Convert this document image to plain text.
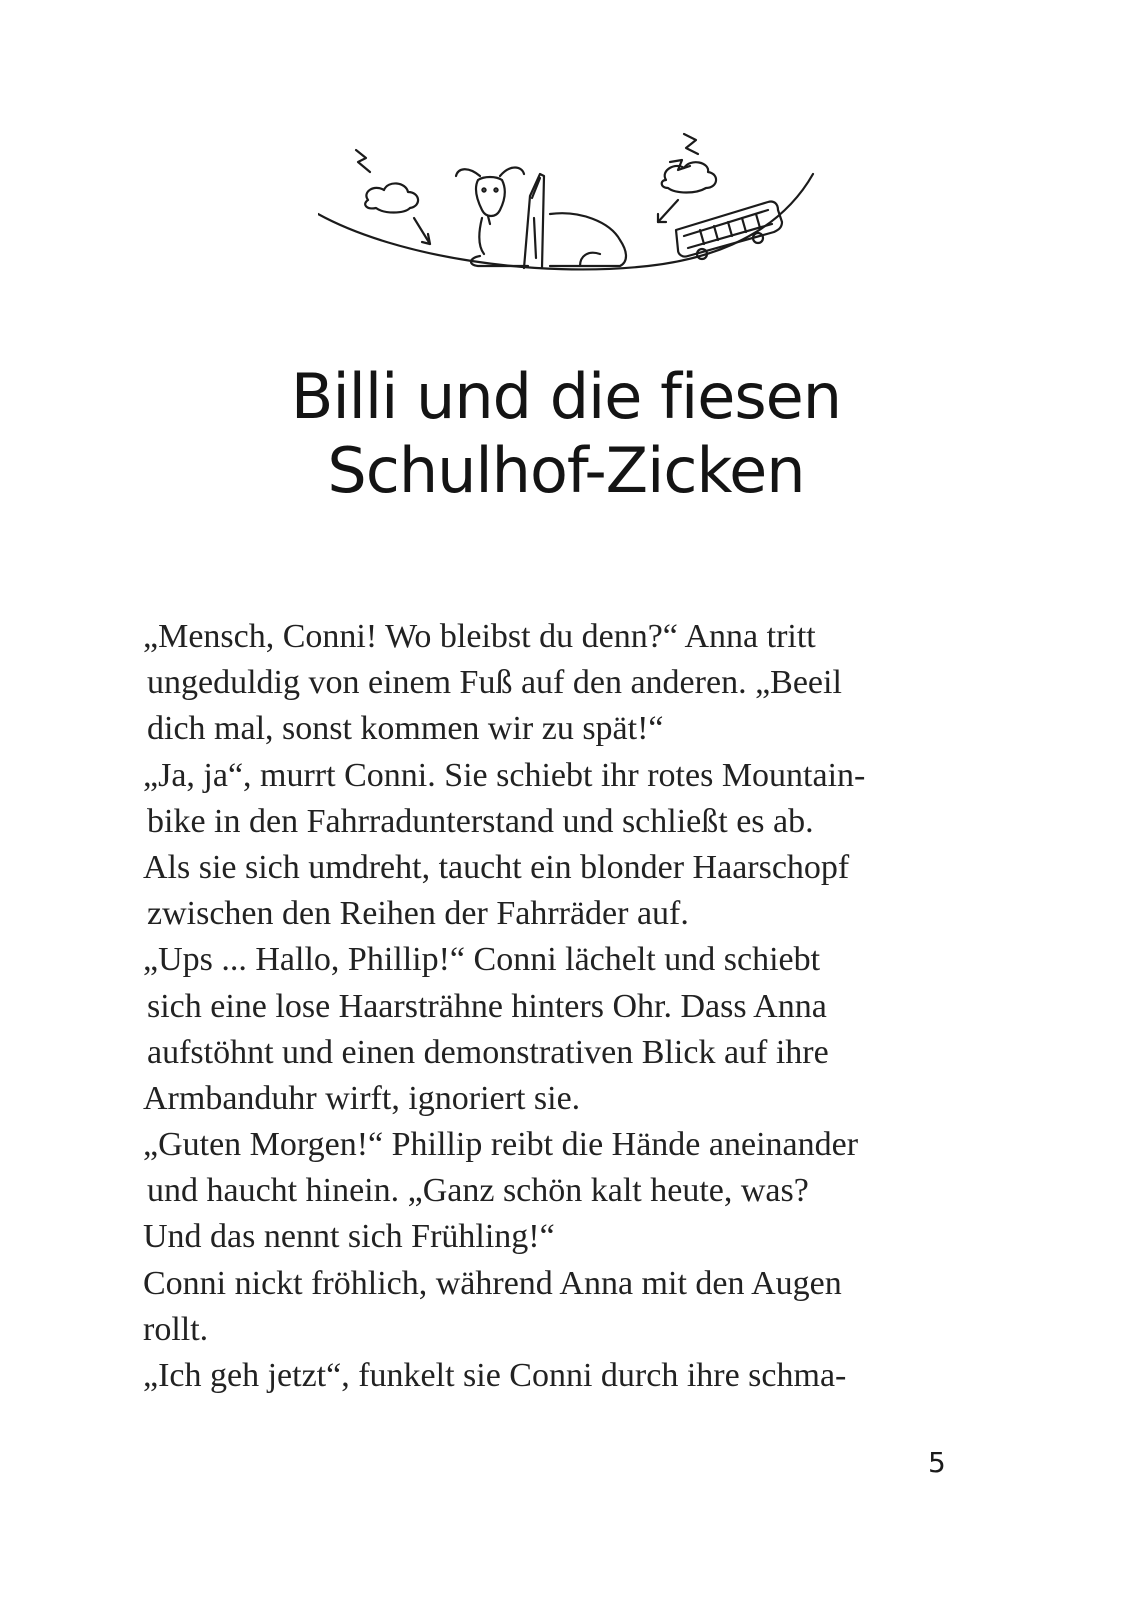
Billi und die fiesen
Schulhof-Zicken
„Mensch, Conni! Wo bleibst du denn?“ Anna tritt
ungeduldig von einem Fuß auf den anderen. „Beeil
dich mal, sonst kommen wir zu spät!“
„Ja, ja“, murrt Conni. Sie schiebt ihr rotes Mountain-
bike in den Fahrradunterstand und schließt es ab.
Als sie sich umdreht, taucht ein blonder Haarschopf
zwischen den Reihen der Fahrräder auf.
„Ups ... Hallo, Phillip!“ Conni lächelt und schiebt
sich eine lose Haarsträhne hinters Ohr. Dass Anna
aufstöhnt und einen demonstrativen Blick auf ihre
Armbanduhr wirft, ignoriert sie.
„Guten Morgen!“ Phillip reibt die Hände aneinander
und haucht hinein. „Ganz schön kalt heute, was?
Und das nennt sich Frühling!“
Conni nickt fröhlich, während Anna mit den Augen
rollt.
„Ich geh jetzt“, funkelt sie Conni durch ihre schma-
5
